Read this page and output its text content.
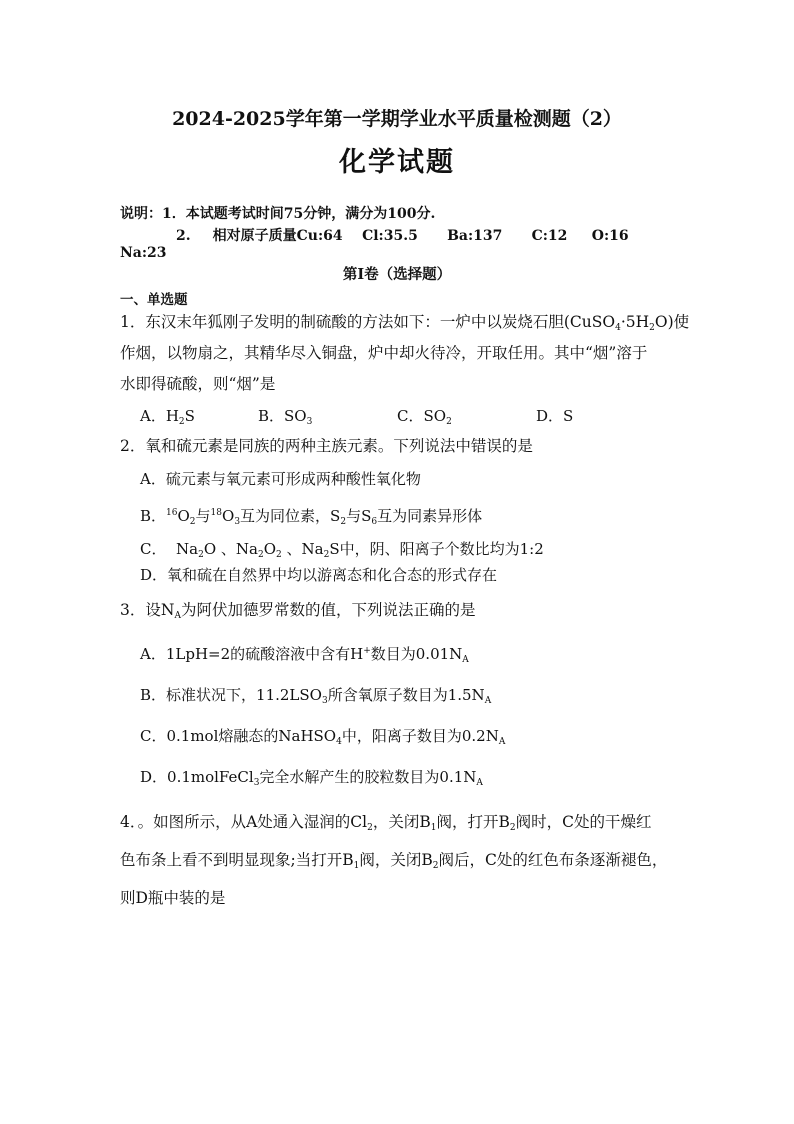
2024-2025学年第一学期学业水平质量检测题（2）
化学试题
说明：1．本试题考试时间75分钟，满分为100分.
2. 相对原子质量Cu:64    Cl:35.5      Ba:137      C:12     O:16
Na:23
第Ⅰ卷（选择题）
一、单选题
1．东汉末年狐刚子发明的制硫酸的方法如下：一炉中以炭烧石胆$(CuSO_4\cdot 5H_2O)$使
作烟，以物扇之，其精华尽入铜盘，炉中却火待冷，开取任用。其中“烟”溶于
水即得硫酸，则“烟”是
A．$H_2S$	B．$SO_3$	C．$SO_2$	D．S
2．氧和硫元素是同族的两种主族元素。下列说法中错误的是
A．硫元素与氧元素可形成两种酸性氧化物
B．$^{16}O_2$与$^{18}O_3$互为同位素，$S_2$与$S_6$互为同素异形体
C．  $Na_2O$ 、$Na_2O_2$ 、$Na_2S$中，阴、阳离子个数比均为1:2
D．氧和硫在自然界中均以游离态和化合态的形式存在
3．设$N_A$为阿伏加德罗常数的值，下列说法正确的是
A．1LpH=2的硫酸溶液中含有H+数目为$0.01N_A$
B．标准状况下，$11.2LSO_3$所含氧原子数目为$1.5N_A$
C．0.1mol熔融态的NaHSO$_4$中，阳离子数目为$0.2N_A$
D．0.1molFeCl$_3$完全水解产生的胶粒数目为$0.1N_A$
4．。如图所示，从A处通入湿润的$Cl_2$，关闭$B_1$阀，打开$B_2$阀时，C处的干燥红
色布条上看不到明显现象;当打开$B_1$阀，关闭$B_2$阀后，C处的红色布条逐渐褪色，
则D瓶中装的是
